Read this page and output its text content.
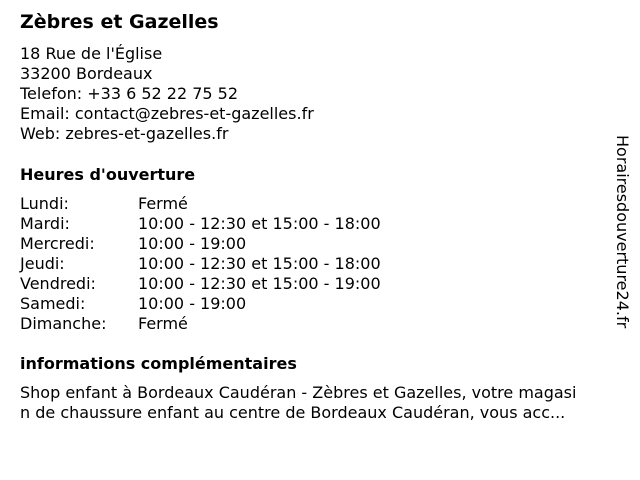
Zèbres et Gazelles
18 Rue de l'Église
33200 Bordeaux
Telefon: +33 6 52 22 75 52
Email: contact@zebres-et-gazelles.fr
Web: zebres-et-gazelles.fr
Heures d'ouverture
Lundi:	Fermé
Mardi:	10:00 - 12:30 et 15:00 - 18:00
Mercredi:	10:00 - 19:00
Jeudi:	10:00 - 12:30 et 15:00 - 18:00
Vendredi:	10:00 - 12:30 et 15:00 - 19:00
Samedi:	10:00 - 19:00
Dimanche:	Fermé
informations complémentaires
Shop enfant à Bordeaux Caudéran - Zèbres et Gazelles, votre magasi
n de chaussure enfant au centre de Bordeaux Caudéran, vous acc...
Horairesdouverture24.fr
